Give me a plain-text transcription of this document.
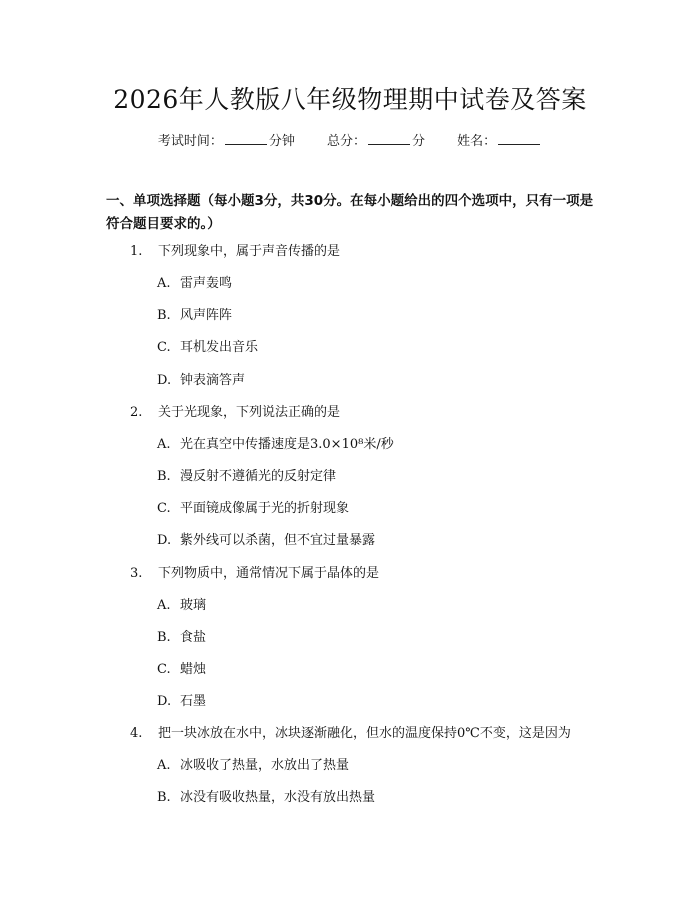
2026年人教版八年级物理期中试卷及答案
考试时间：	分钟 总分：	分 姓名：
一、单项选择题（每小题3分，共30分。在每小题给出的四个选项中，只有一项是符合题目要求的。）
1. 下列现象中，属于声音传播的是
A. 雷声轰鸣
B. 风声阵阵
C. 耳机发出音乐
D. 钟表滴答声
2. 关于光现象，下列说法正确的是
A. 光在真空中传播速度是3.0×10⁸米/秒
B. 漫反射不遵循光的反射定律
C. 平面镜成像属于光的折射现象
D. 紫外线可以杀菌，但不宜过量暴露
3. 下列物质中，通常情况下属于晶体的是
A. 玻璃
B. 食盐
C. 蜡烛
D. 石墨
4. 把一块冰放在水中，冰块逐渐融化，但水的温度保持0℃不变，这是因为
A. 冰吸收了热量，水放出了热量
B. 冰没有吸收热量，水没有放出热量
